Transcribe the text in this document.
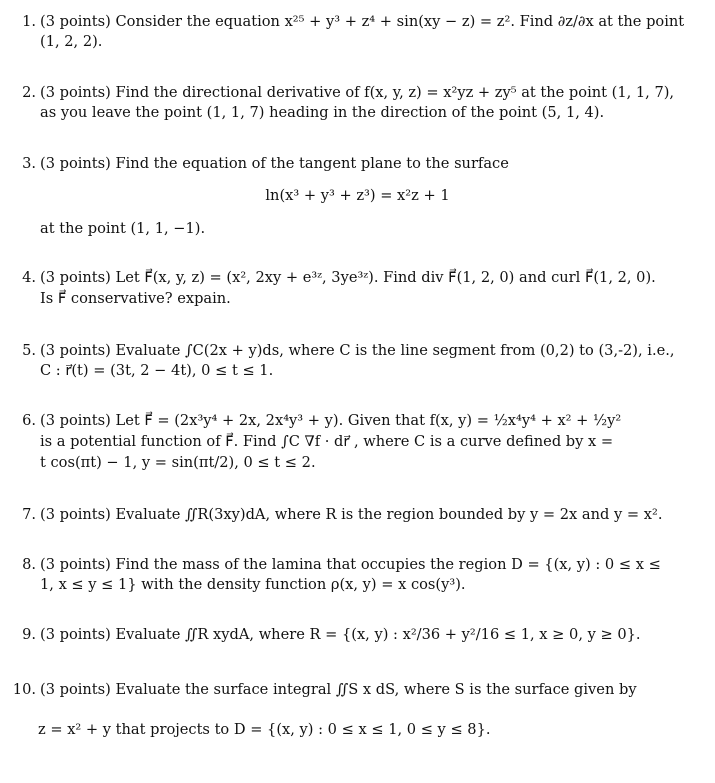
1. (3 points) Consider the equation x²⁵ + y³ + z⁴ + sin(xy − z) = z². Find ∂z/∂x at the point
(1, 2, 2).
2. (3 points) Find the directional derivative of f(x, y, z) = x²yz + zy⁵ at the point (1, 1, 7),
as you leave the point (1, 1, 7) heading in the direction of the point (5, 1, 4).
3. (3 points) Find the equation of the tangent plane to the surface
ln(x³ + y³ + z³) = x²z + 1
at the point (1, 1, −1).
4. (3 points) Let F⃗(x, y, z) = (x², 2xy + e³ᶻ, 3ye³ᶻ). Find div F⃗(1, 2, 0) and curl F⃗(1, 2, 0).
Is F⃗ conservative? expain.
5. (3 points) Evaluate ∫C(2x + y)ds, where C is the line segment from (0,2) to (3,-2), i.e.,
C : r⃗(t) = (3t, 2 − 4t), 0 ≤ t ≤ 1.
6. (3 points) Let F⃗ = (2x³y⁴ + 2x, 2x⁴y³ + y). Given that f(x, y) = ½x⁴y⁴ + x² + ½y²
is a potential function of F⃗. Find ∫C ∇f · dr⃗ , where C is a curve defined by x =
t cos(πt) − 1, y = sin(πt/2), 0 ≤ t ≤ 2.
7. (3 points) Evaluate ∬R(3xy)dA, where R is the region bounded by y = 2x and y = x².
8. (3 points) Find the mass of the lamina that occupies the region D = {(x, y) : 0 ≤ x ≤
1, x ≤ y ≤ 1} with the density function ρ(x, y) = x cos(y³).
9. (3 points) Evaluate ∬R xydA, where R = {(x, y) : x²/36 + y²/16 ≤ 1, x ≥ 0, y ≥ 0}.
10. (3 points) Evaluate the surface integral ∬S x dS, where S is the surface given by
z = x² + y that projects to D = {(x, y) : 0 ≤ x ≤ 1, 0 ≤ y ≤ 8}.
